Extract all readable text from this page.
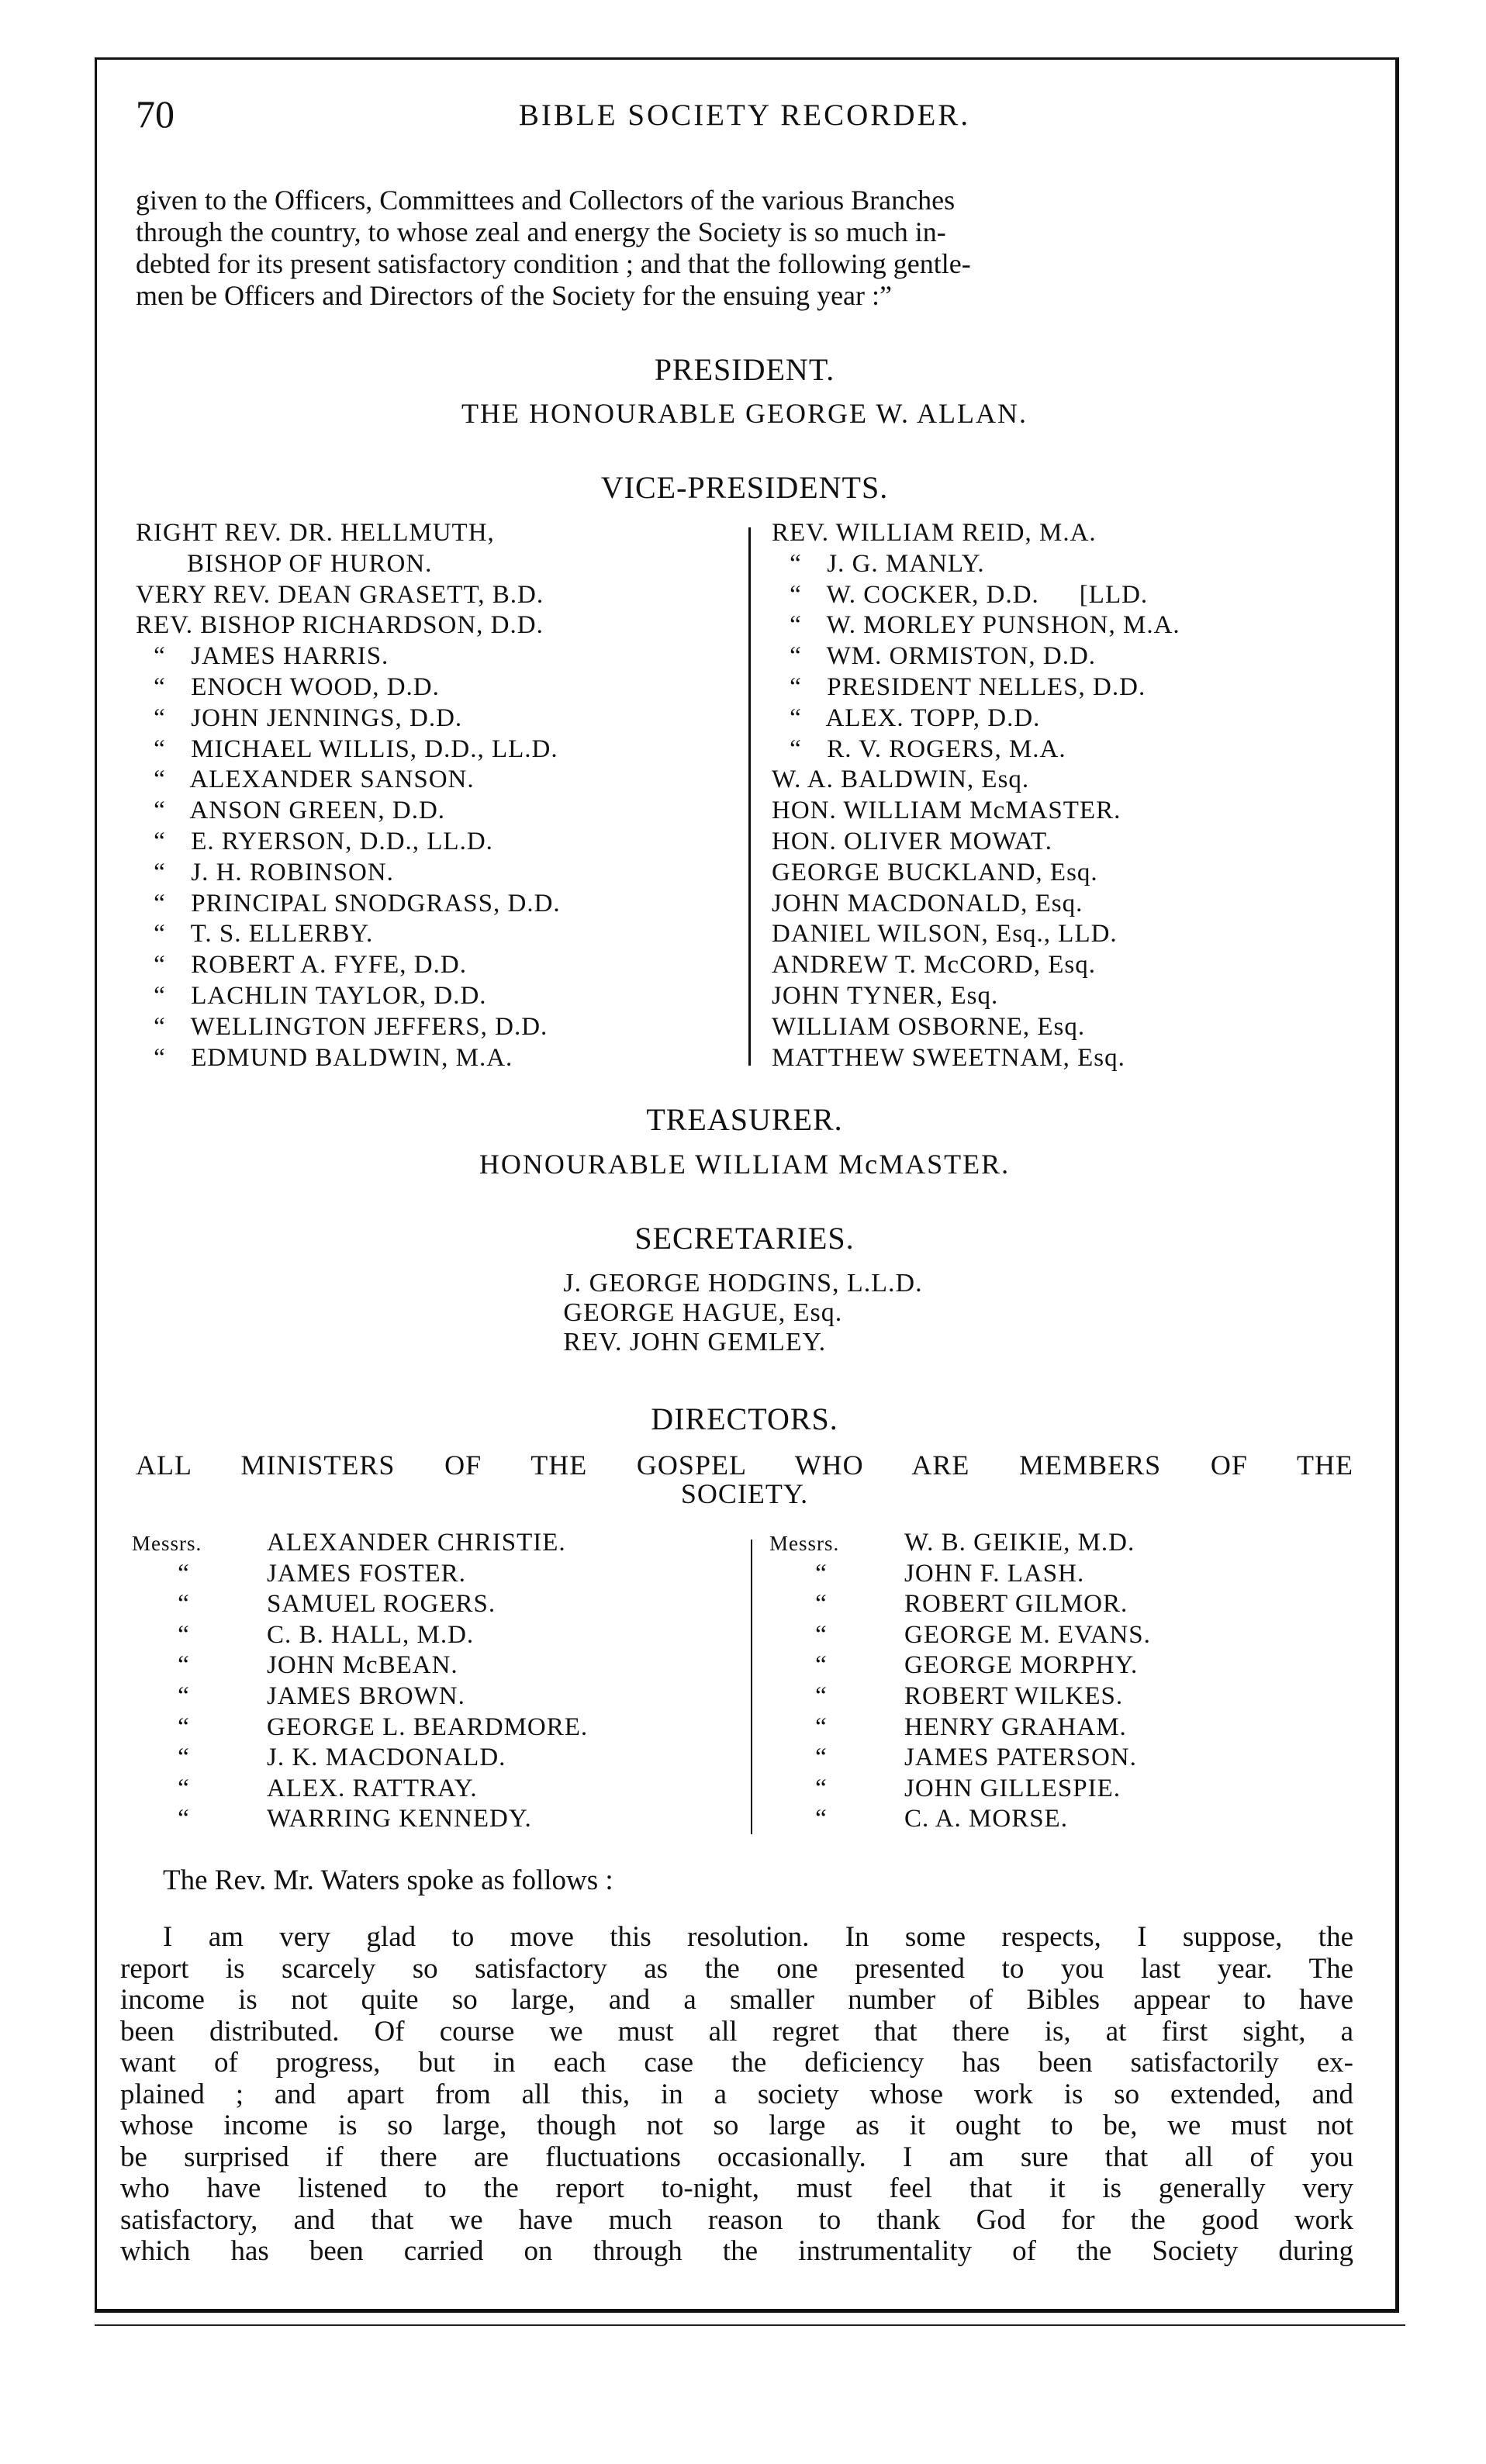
70	BIBLE SOCIETY RECORDER.
given to the Officers, Committees and Collectors of the various Branches
through the country, to whose zeal and energy the Society is so much in-
debted for its present satisfactory condition ; and that the following gentle-
men be Officers and Directors of the Society for the ensuing year :”
PRESIDENT.
THE HONOURABLE GEORGE W. ALLAN.
VICE-PRESIDENTS.
RIGHT REV. DR. HELLMUTH,
BISHOP OF HURON.
VERY REV. DEAN GRASETT, B.D.
REV. BISHOP RICHARDSON, D.D.
“ JAMES HARRIS.
“ ENOCH WOOD, D.D.
“ JOHN JENNINGS, D.D.
“ MICHAEL WILLIS, D.D., LL.D.
“ ALEXANDER SANSON.
“ ANSON GREEN, D.D.
“ E. RYERSON, D.D., LL.D.
“ J. H. ROBINSON.
“ PRINCIPAL SNODGRASS, D.D.
“ T. S. ELLERBY.
“ ROBERT A. FYFE, D.D.
“ LACHLIN TAYLOR, D.D.
“ WELLINGTON JEFFERS, D.D.
“ EDMUND BALDWIN, M.A.
REV. WILLIAM REID, M.A.
“ J. G. MANLY.
“ W. COCKER, D.D. [LLD.
“ W. MORLEY PUNSHON, M.A.
“ WM. ORMISTON, D.D.
“ PRESIDENT NELLES, D.D.
“ ALEX. TOPP, D.D.
“ R. V. ROGERS, M.A.
W. A. BALDWIN, Esq.
HON. WILLIAM McMASTER.
HON. OLIVER MOWAT.
GEORGE BUCKLAND, Esq.
JOHN MACDONALD, Esq.
DANIEL WILSON, Esq., LLD.
ANDREW T. McCORD, Esq.
JOHN TYNER, Esq.
WILLIAM OSBORNE, Esq.
MATTHEW SWEETNAM, Esq.
TREASURER.
HONOURABLE WILLIAM McMASTER.
SECRETARIES.
J. GEORGE HODGINS, L.L.D.
GEORGE HAGUE, Esq.
REV. JOHN GEMLEY.
DIRECTORS.
ALL MINISTERS OF THE GOSPEL WHO ARE MEMBERS OF THE
SOCIETY.
Messrs.	ALEXANDER CHRISTIE.
“	JAMES FOSTER.
“	SAMUEL ROGERS.
“	C. B. HALL, M.D.
“	JOHN McBEAN.
“	JAMES BROWN.
“	GEORGE L. BEARDMORE.
“	J. K. MACDONALD.
“	ALEX. RATTRAY.
“	WARRING KENNEDY.
Messrs.	W. B. GEIKIE, M.D.
“	JOHN F. LASH.
“	ROBERT GILMOR.
“	GEORGE M. EVANS.
“	GEORGE MORPHY.
“	ROBERT WILKES.
“	HENRY GRAHAM.
“	JAMES PATERSON.
“	JOHN GILLESPIE.
“	C. A. MORSE.
The Rev. Mr. Waters spoke as follows :
I am very glad to move this resolution. In some respects, I suppose, the
report is scarcely so satisfactory as the one presented to you last year. The
income is not quite so large, and a smaller number of Bibles appear to have
been distributed. Of course we must all regret that there is, at first sight, a
want of progress, but in each case the deficiency has been satisfactorily ex-
plained ; and apart from all this, in a society whose work is so extended, and
whose income is so large, though not so large as it ought to be, we must not
be surprised if there are fluctuations occasionally. I am sure that all of you
who have listened to the report to-night, must feel that it is generally very
satisfactory, and that we have much reason to thank God for the good work
which has been carried on through the instrumentality of the Society during
